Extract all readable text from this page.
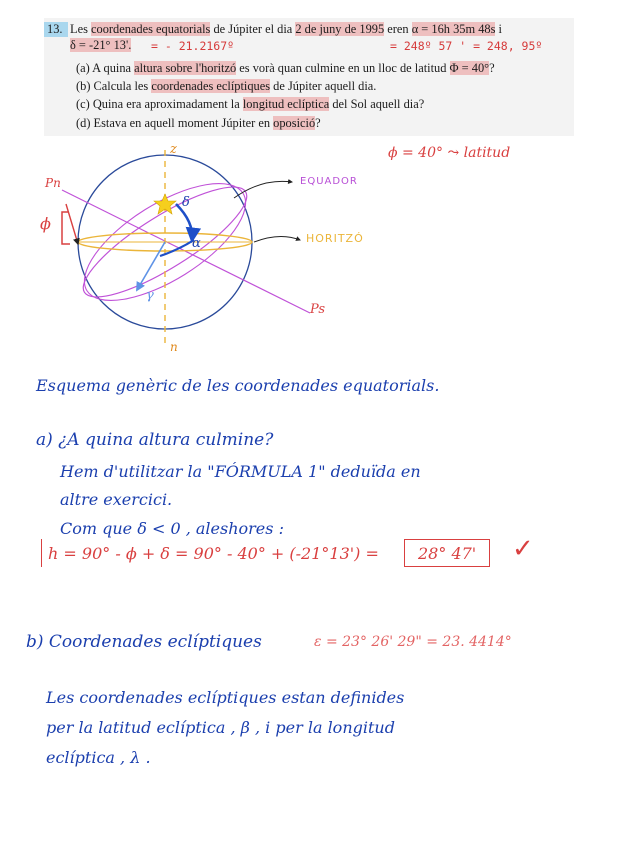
13. Les coordenades equatorials de Júpiter el dia 2 de juny de 1995 eren α = 16h 35m 48s i
δ = -21° 13'. = - 21.2167º	= 248º 57 ' = 248, 95º
(a) A quina altura sobre l'horitzó es vorà quan culmine en un lloc de latitud Φ = 40°?
(b) Calcula les coordenades eclíptiques de Júpiter aquell dia.
(c) Quina era aproximadament la longitud eclíptica del Sol aquell dia?
(d) Estava en aquell moment Júpiter en oposició?
ϕ = 40° ⤳ latitud
z
n
Pn
Ps
ϕ
δ
α
γ
EQUADOR
HORITZÓ
Esquema genèric de les coordenades equatorials.
a) ¿A quina altura culmine?
Hem d'utilitzar la "FÓRMULA 1" deduïda en
altre exercici.
Com que δ < 0 , aleshores :
h = 90° - ϕ + δ = 90° - 40° + (-21°13') = 28° 47' ✓
b) Coordenades eclíptiques	ε = 23° 26' 29" = 23. 4414°
Les coordenades eclíptiques estan definides
per la latitud eclíptica , β , i per la longitud
eclíptica , λ .
